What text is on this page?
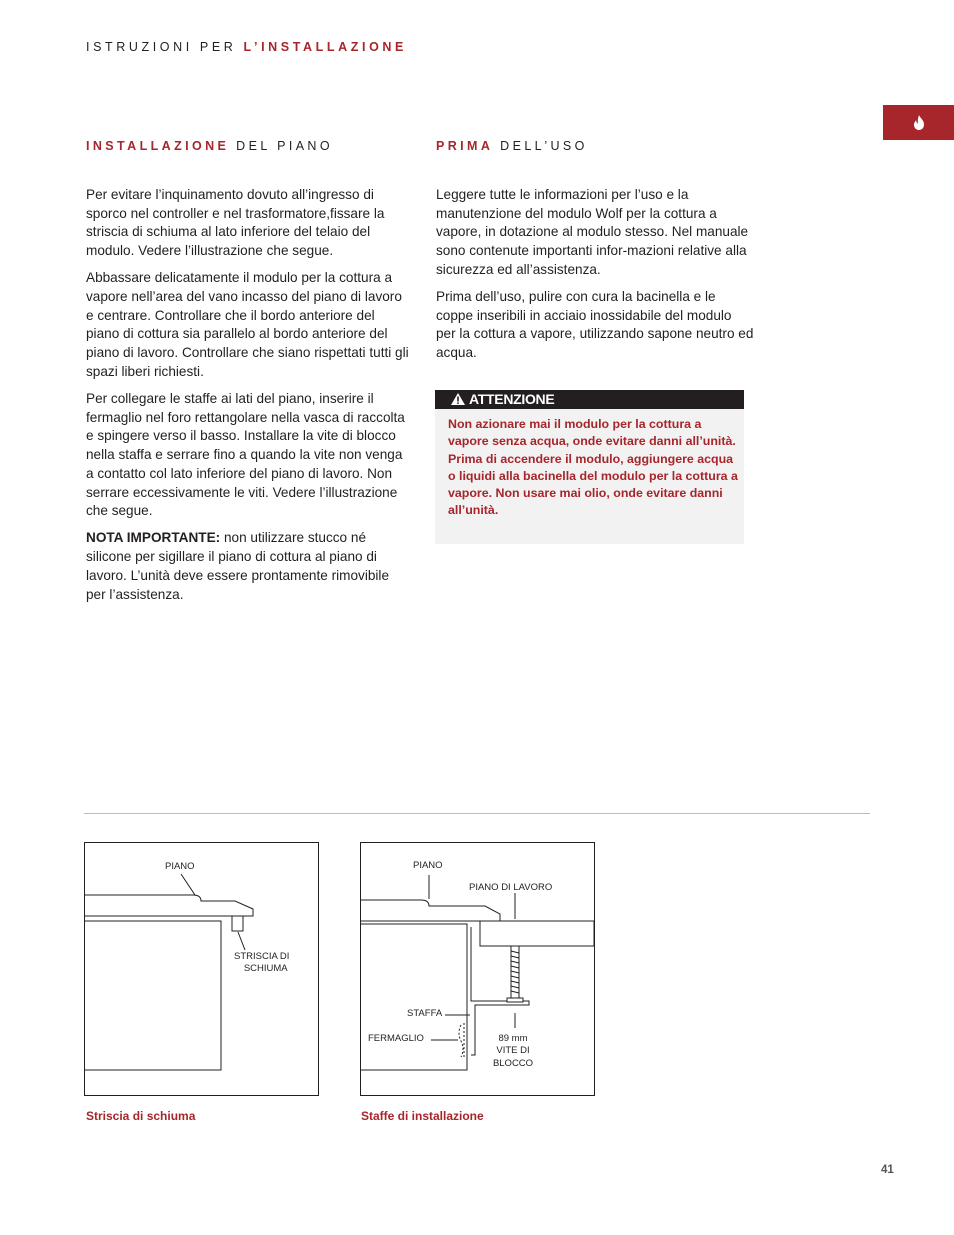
ISTRUZIONI PER L’INSTALLAZIONE
INSTALLAZIONE DEL PIANO	PRIMA DELL’USO

Per evitare l’inquinamento dovuto all’ingresso di sporco nel controller e nel trasformatore,fissare la striscia di schiuma al lato inferiore del telaio del modulo. Vedere l’illustrazione che segue.

Abbassare delicatamente il modulo per la cottura a vapore nell’area del vano incasso del piano di lavoro e centrare. Controllare che il bordo anteriore del piano di cottura sia parallelo al bordo anteriore del piano di lavoro. Controllare che siano rispettati tutti gli spazi liberi richiesti.

Per collegare le staffe ai lati del piano, inserire il fermaglio nel foro rettangolare nella vasca di raccolta e spingere verso il basso. Installare la vite di blocco nella staffa e serrare fino a quando la vite non venga a contatto col lato inferiore del piano di lavoro. Non serrare eccessivamente le viti. Vedere l’illustrazione che segue.

NOTA IMPORTANTE: non utilizzare stucco né silicone per sigillare il piano di cottura al piano di lavoro. L’unità deve essere prontamente rimovibile per l’assistenza.

Leggere tutte le informazioni per l’uso e la manutenzione del modulo Wolf per la cottura a vapore, in dotazione al modulo stesso. Nel manuale sono contenute importanti infor-mazioni relative alla sicurezza ed all’assistenza.

Prima dell’uso, pulire con cura la bacinella e le coppe inseribili in acciaio inossidabile del modulo per la cottura a vapore, utilizzando sapone neutro ed acqua.

ATTENZIONE
Non azionare mai il modulo per la cottura a vapore senza acqua, onde evitare danni all’unità. Prima di accendere il modulo, aggiungere acqua o liquidi alla bacinella del modulo per la cottura a vapore. Non usare mai olio, onde evitare danni all’unità.
PIANO
STRISCIA DI
SCHIUMA
PIANO
PIANO DI LAVORO
STAFFA
FERMAGLIO	89 mm
VITE DI
BLOCCO
Striscia di schiuma	Staffe di installazione
41
